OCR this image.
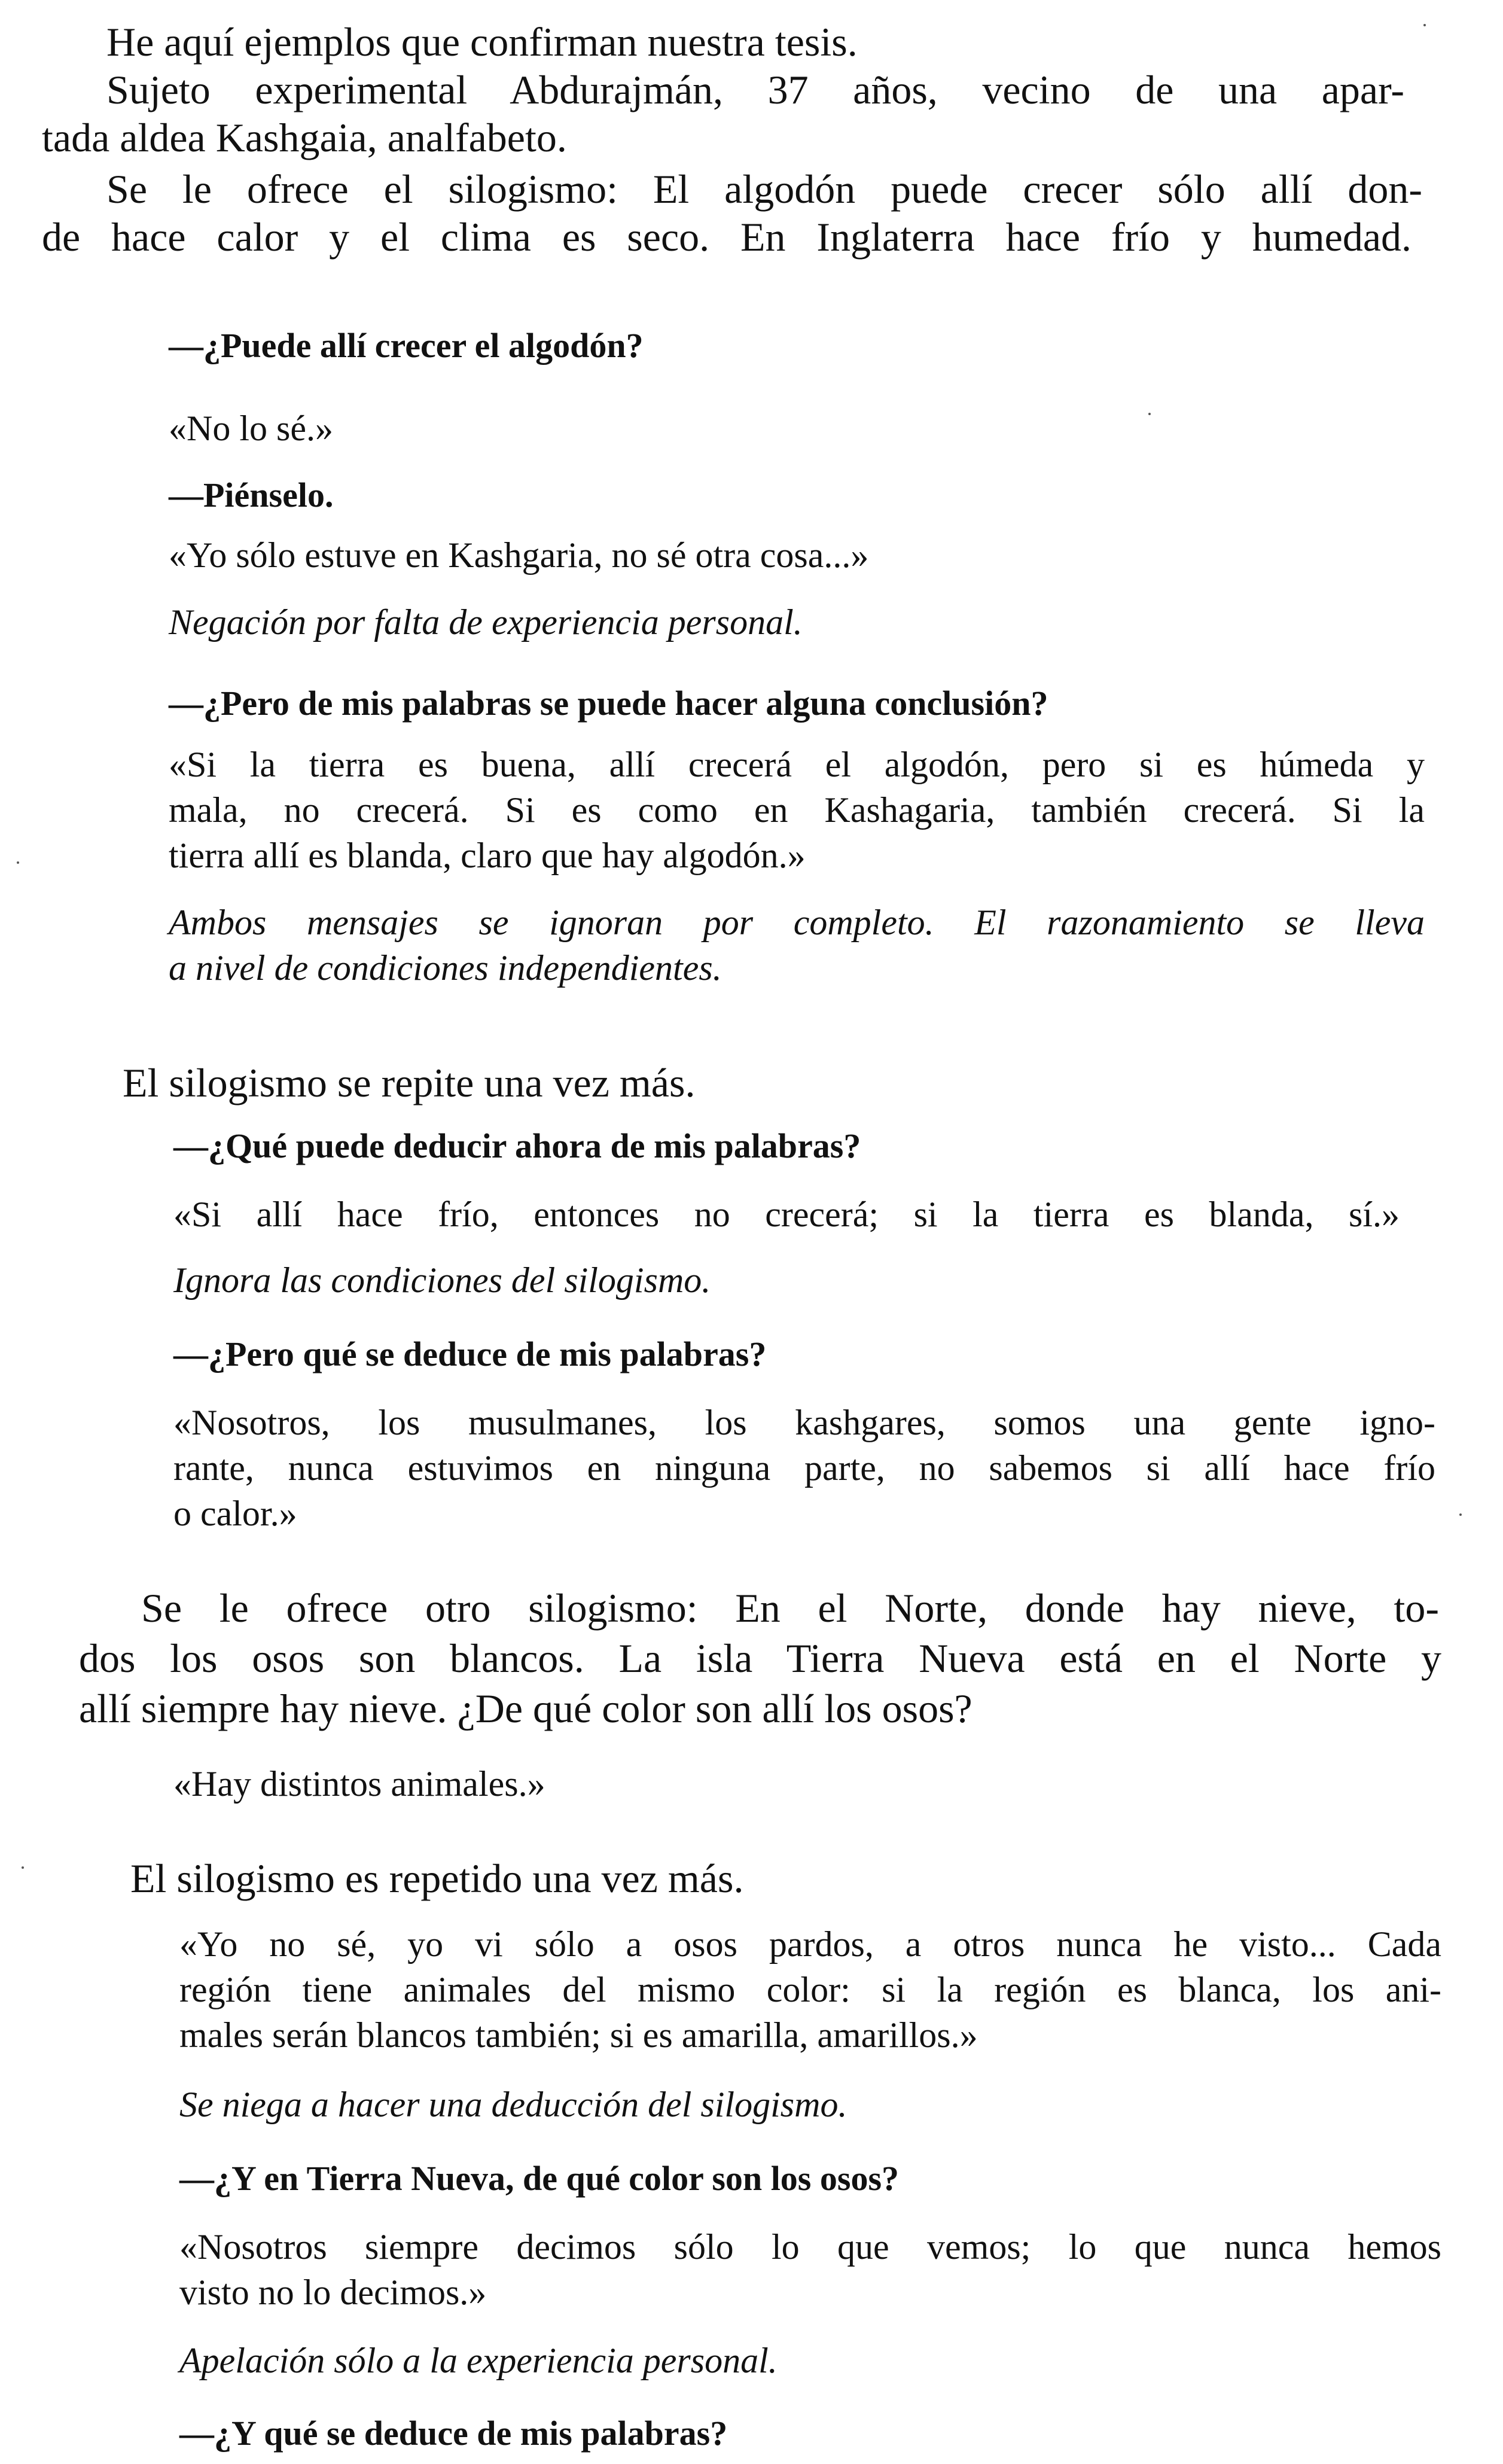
He aquí ejemplos que confirman nuestra tesis.
Sujeto experimental Abdurajmán, 37 años, vecino de una apar-
tada aldea Kashgaia, analfabeto.
Se le ofrece el silogismo: El algodón puede crecer sólo allí don-
de hace calor y el clima es seco. En Inglaterra hace frío y humedad.
—¿Puede allí crecer el algodón?
«No lo sé.»
—Piénselo.
«Yo sólo estuve en Kashgaria, no sé otra cosa...»
Negación por falta de experiencia personal.
—¿Pero de mis palabras se puede hacer alguna conclusión?
«Si la tierra es buena, allí crecerá el algodón, pero si es húmeda y
mala, no crecerá. Si es como en Kashagaria, también crecerá. Si la
tierra allí es blanda, claro que hay algodón.»
Ambos mensajes se ignoran por completo. El razonamiento se lleva
a nivel de condiciones independientes.
El silogismo se repite una vez más.
—¿Qué puede deducir ahora de mis palabras?
«Si allí hace frío, entonces no crecerá; si la tierra es blanda, sí.»
Ignora las condiciones del silogismo.
—¿Pero qué se deduce de mis palabras?
«Nosotros, los musulmanes, los kashgares, somos una gente igno-
rante, nunca estuvimos en ninguna parte, no sabemos si allí hace frío
o calor.»
Se le ofrece otro silogismo: En el Norte, donde hay nieve, to-
dos los osos son blancos. La isla Tierra Nueva está en el Norte y
allí siempre hay nieve. ¿De qué color son allí los osos?
«Hay distintos animales.»
El silogismo es repetido una vez más.
«Yo no sé, yo vi sólo a osos pardos, a otros nunca he visto... Cada
región tiene animales del mismo color: si la región es blanca, los ani-
males serán blancos también; si es amarilla, amarillos.»
Se niega a hacer una deducción del silogismo.
—¿Y en Tierra Nueva, de qué color son los osos?
«Nosotros siempre decimos sólo lo que vemos; lo que nunca hemos
visto no lo decimos.»
Apelación sólo a la experiencia personal.
—¿Y qué se deduce de mis palabras?
